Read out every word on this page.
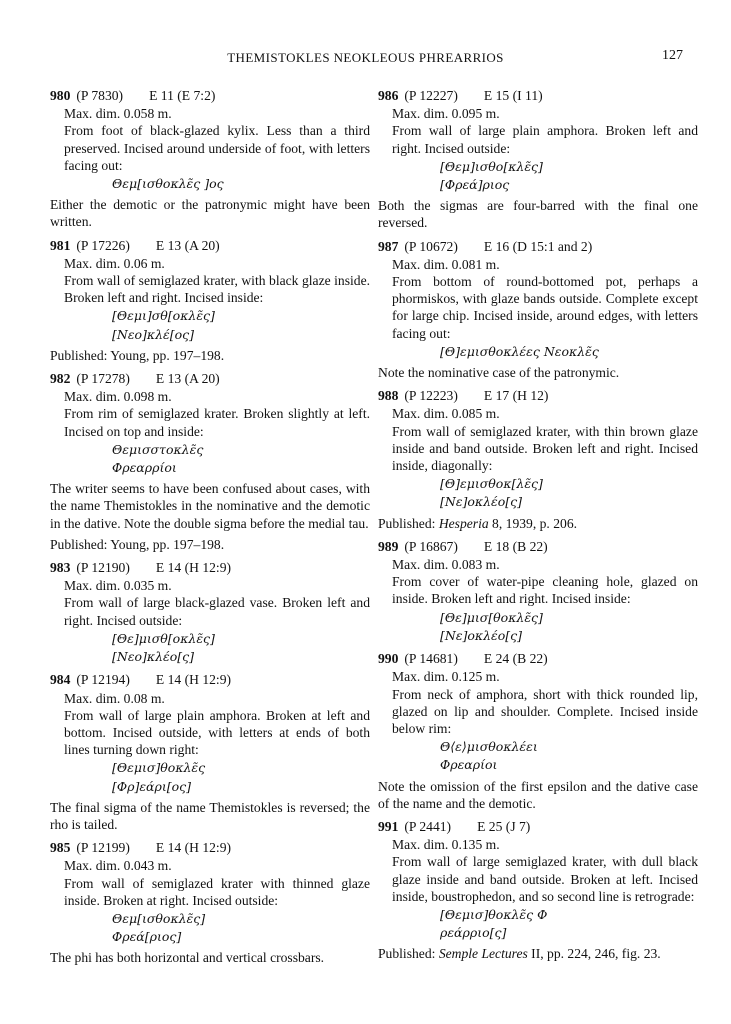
THEMISTOKLES NEOKLEOUS PHREARRIOS	127
980 (P 7830) E 11 (E 7:2)

Max. dim. 0.058 m.

From foot of black-glazed kylix. Less than a third preserved. Incised around underside of foot, with letters facing out:

Θεμ[ισθοκλε̃ς ]ος

Either the demotic or the patronymic might have been written.

981 (P 17226) E 13 (A 20)

Max. dim. 0.06 m.

From wall of semiglazed krater, with black glaze inside. Broken left and right. Incised inside:

[Θεμι]σθ[οκλε̃ς]
[Νεο]κλέ[ος]

Published: Young, pp. 197–198.

982 (P 17278) E 13 (A 20)

Max. dim. 0.098 m.

From rim of semiglazed krater. Broken slightly at left. Incised on top and inside:

Θεμισστοκλε̃ς
Φρεαρρίοι

The writer seems to have been confused about cases, with the name Themistokles in the nominative and the demotic in the dative. Note the double sigma before the medial tau.

Published: Young, pp. 197–198.

983 (P 12190) E 14 (H 12:9)

Max. dim. 0.035 m.

From wall of large black-glazed vase. Broken left and right. Incised outside:

[Θε]μισθ[οκλε̃ς]
[Νεο]κλέο[ς]
984 (P 12194) E 14 (H 12:9)

Max. dim. 0.08 m.

From wall of large plain amphora. Broken at left and bottom. Incised outside, with letters at ends of both lines turning down right:

[Θεμισ]θοκλε̃ς
[Φρ]εάρι[ος]

The final sigma of the name Themistokles is reversed; the rho is tailed.

985 (P 12199) E 14 (H 12:9)

Max. dim. 0.043 m.

From wall of semiglazed krater with thinned glaze inside. Broken at right. Incised outside:

Θεμ[ισθοκλε̃ς]
Φρεά[ριος]

The phi has both horizontal and vertical crossbars.

986 (P 12227) E 15 (I 11)

Max. dim. 0.095 m.

From wall of large plain amphora. Broken left and right. Incised outside:

[Θεμ]ισθο[κλε̃ς]
[Φρεά]ριος

Both the sigmas are four-barred with the final one reversed.

987 (P 10672) E 16 (D 15:1 and 2)

Max. dim. 0.081 m.

From bottom of round-bottomed pot, perhaps a phormiskos, with glaze bands outside. Complete except for large chip. Incised inside, around edges, with letters facing out:

[Θ]εμισθοκλέες Νεοκλε̃ς

Note the nominative case of the patronymic.

988 (P 12223) E 17 (H 12)

Max. dim. 0.085 m.

From wall of semiglazed krater, with thin brown glaze inside and band outside. Broken left and right. Incised inside, diagonally:

[Θ]εμισθοκ[λε̃ς]
[Νε]οκλέο[ς]

Published: Hesperia 8, 1939, p. 206.

989 (P 16867) E 18 (B 22)

Max. dim. 0.083 m.

From cover of water-pipe cleaning hole, glazed on inside. Broken left and right. Incised inside:

[Θε]μισ[θοκλε̃ς]
[Νε]οκλέο[ς]
990 (P 14681) E 24 (B 22)

Max. dim. 0.125 m.

From neck of amphora, short with thick rounded lip, glazed on lip and shoulder. Complete. Incised inside below rim:

Θ⟨ε⟩μισθοκλέει
Φρεαρίοι

Note the omission of the first epsilon and the dative case of the name and the demotic.

991 (P 2441) E 25 (J 7)

Max. dim. 0.135 m.

From wall of large semiglazed krater, with dull black glaze inside and band outside. Broken at left. Incised inside, boustrophedon, and so second line is retrograde:

[Θεμισ]θοκλε̃ς Φ
ρεάρριο[ς]

Published: Semple Lectures II, pp. 224, 246, fig. 23.
